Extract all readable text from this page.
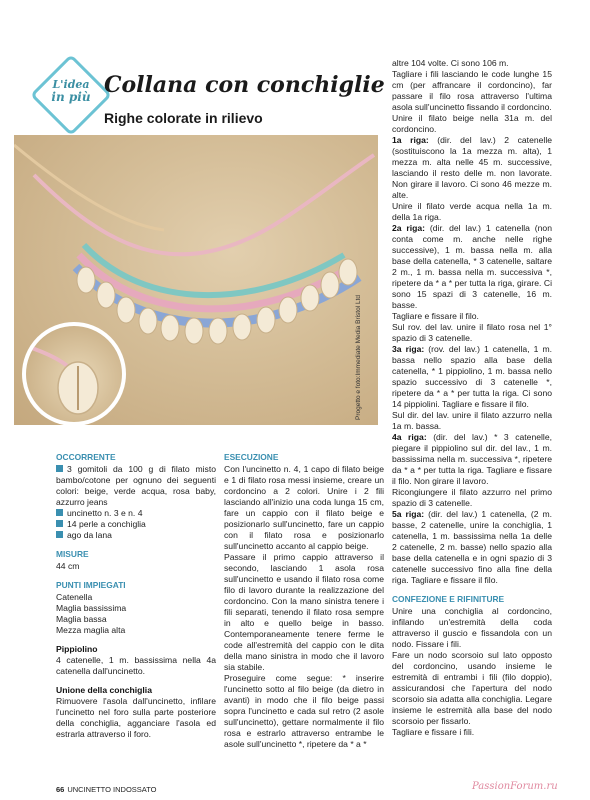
L'idea
in più Collana con conchiglie
Righe colorate in rilievo
Progetto e foto:Immediate Media Bristol Ltd
OCCORRENTE
3 gomitoli da 100 g di filato misto bambo/cotone per ognuno dei seguenti colori: beige, verde acqua, rosa baby, azzurro jeans
uncinetto n. 3 e n. 4
14 perle a conchiglia
ago da lana
MISURE
44 cm
PUNTI IMPIEGATI
Catenella
Maglia bassissima
Maglia bassa
Mezza maglia alta
Pippiolino
4 catenelle, 1 m. bassissima nella 4a catenella dall'uncinetto.
Unione della conchiglia
Rimuovere l'asola dall'uncinetto, infilare l'uncinetto nel foro sulla parte posteriore della conchiglia, agganciare l'asola ed estrarla attraverso il foro.
ESECUZIONE
Con l'uncinetto n. 4, 1 capo di filato beige e 1 di filato rosa messi insieme, creare un cordoncino a 2 colori. Unire i 2 fili lasciando all'inizio una coda lunga 15 cm, fare un cappio con il filato beige e posizionarlo sull'uncinetto, fare un cappio con il filato rosa e posizionarlo sull'uncinetto accanto al cappio beige.
Passare il primo cappio attraverso il secondo, lasciando 1 asola rosa sull'uncinetto e usando il filato rosa come filo di lavoro durante la realizzazione del cordoncino. Con la mano sinistra tenere i fili separati, tenendo il filato rosa sempre in alto e quello beige in basso. Contemporaneamente tenere ferme le code all'estremità del cappio con le dita della mano sinistra in modo che il lavoro sia stabile.
Proseguire come segue: * inserire l'uncinetto sotto al filo beige (da dietro in avanti) in modo che il filo beige passi sopra l'uncinetto e cada sul retro (2 asole sull'uncinetto), gettare normalmente il filo rosa e estrarlo attraverso entrambe le asole sull'uncinetto *, ripetere da * a *
altre 104 volte. Ci sono 106 m.
Tagliare i fili lasciando le code lunghe 15 cm (per affrancare il cordoncino), far passare il filo rosa attraverso l'ultima asola sull'uncinetto fissando il cordoncino.
Unire il filato beige nella 31a m. del cordoncino.
1a riga: (dir. del lav.) 2 catenelle (sostituiscono la 1a mezza m. alta), 1 mezza m. alta nelle 45 m. successive, lasciando il resto delle m. non lavorate. Non girare il lavoro. Ci sono 46 mezze m. alte.
Unire il filato verde acqua nella 1a m. della 1a riga.
2a riga: (dir. del lav.) 1 catenella (non conta come m. anche nelle righe successive), 1 m. bassa nella m. alla base della catenella, * 3 catenelle, saltare 2 m., 1 m. bassa nella m. successiva *, ripetere da * a * per tutta la riga, girare. Ci sono 15 spazi di 3 catenelle, 16 m. basse.
Tagliare e fissare il filo.
Sul rov. del lav. unire il filato rosa nel 1° spazio di 3 catenelle.
3a riga: (rov. del lav.) 1 catenella, 1 m. bassa nello spazio alla base della catenella, * 1 pippiolino, 1 m. bassa nello spazio successivo di 3 catenelle *, ripetere da * a * per tutta la riga. Ci sono 14 pippiolini. Tagliare e fissare il filo.
Sul dir. del lav. unire il filato azzurro nella 1a m. bassa.
4a riga: (dir. del lav.) * 3 catenelle, piegare il pippiolino sul dir. del lav., 1 m. bassissima nella m. successiva *, ripetere da * a * per tutta la riga. Tagliare e fissare il filo. Non girare il lavoro.
Ricongiungere il filato azzurro nel primo spazio di 3 catenelle.
5a riga: (dir. del lav.) 1 catenella, (2 m. basse, 2 catenelle, unire la conchiglia, 1 catenella, 1 m. bassissima nella 1a delle 2 catenelle, 2 m. basse) nello spazio alla base della catenella e in ogni spazio di 3 catenelle successivo fino alla fine della riga. Tagliare e fissare il filo.
CONFEZIONE E RIFINITURE
Unire una conchiglia al cordoncino, infilando un'estremità della coda attraverso il guscio e fissandola con un nodo. Fissare i fili.
Fare un nodo scorsoio sul lato opposto del cordoncino, usando insieme le estremità di entrambi i fili (filo doppio), assicurandosi che l'apertura del nodo scorsoio sia adatta alla conchiglia. Legare insieme le estremità alla base del nodo scorsoio per fissarlo.
Tagliare e fissare i fili.
66 UNCINETTO INDOSSATO	PassionForum.ru
